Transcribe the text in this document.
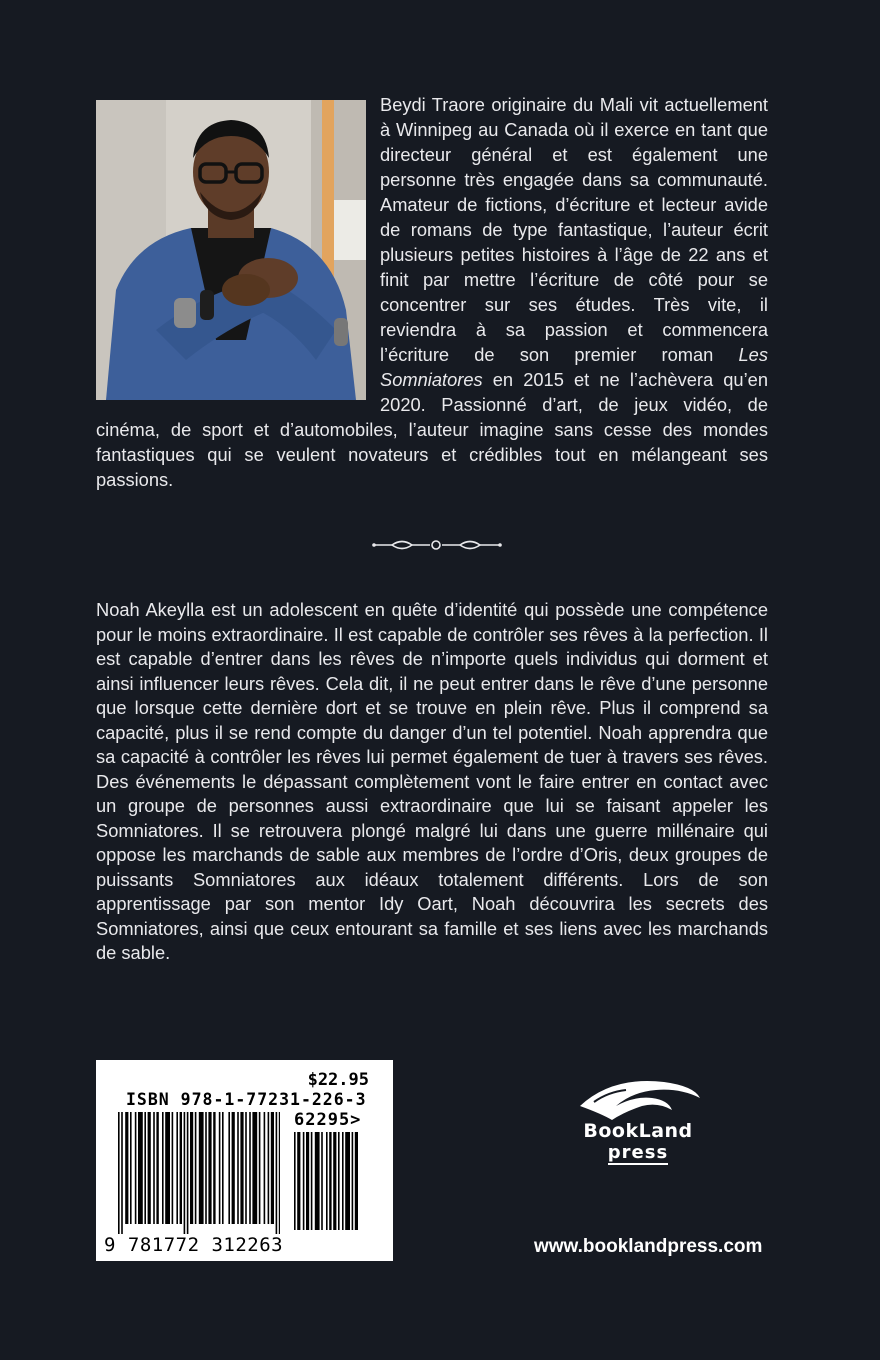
Beydi Traore originaire du Mali vit actuellement à Winnipeg au Canada où il exerce en tant que directeur général et est également une personne très engagée dans sa communauté. Amateur de fictions, d’écriture et lecteur avide de romans de type fantastique, l’auteur écrit plusieurs petites histoires à l’âge de 22 ans et finit par mettre l’écriture de côté pour se concentrer sur ses études. Très vite, il reviendra à sa passion et commencera l’écriture de son premier roman Les Somniatores en 2015 et ne l’achèvera qu’en 2020. Passionné d’art, de jeux vidéo, de cinéma, de sport et d’automobiles, l’auteur imagine sans cesse des mondes fantastiques qui se veulent novateurs et crédibles tout en mélangeant ses passions.

Noah Akeylla est un adolescent en quête d’identité qui possède une compétence pour le moins extraordinaire. Il est capable de contrôler ses rêves à la perfection. Il est capable d’entrer dans les rêves de n’importe quels individus qui dorment et ainsi influencer leurs rêves. Cela dit, il ne peut entrer dans le rêve d’une personne que lorsque cette dernière dort et se trouve en plein rêve. Plus il comprend sa capacité, plus il se rend compte du danger d’un tel potentiel. Noah apprendra que sa capacité à contrôler les rêves lui permet également de tuer à travers ses rêves. Des événements le dépassant complètement vont le faire entrer en contact avec un groupe de personnes aussi extraordinaire que lui se faisant appeler les Somniatores. Il se retrouvera plongé malgré lui dans une guerre millénaire qui oppose les marchands de sable aux membres de l’ordre d’Oris, deux groupes de puissants Somniatores aux idéaux totalement différents. Lors de son apprentissage par son mentor Idy Oart, Noah découvrira les secrets des Somniatores, ainsi que ceux entourant sa famille et ses liens avec les marchands de sable.

$22.95
ISBN 978-1-77231-226-3
62295>
9 781772 312263
BookLand
press
www.booklandpress.com
